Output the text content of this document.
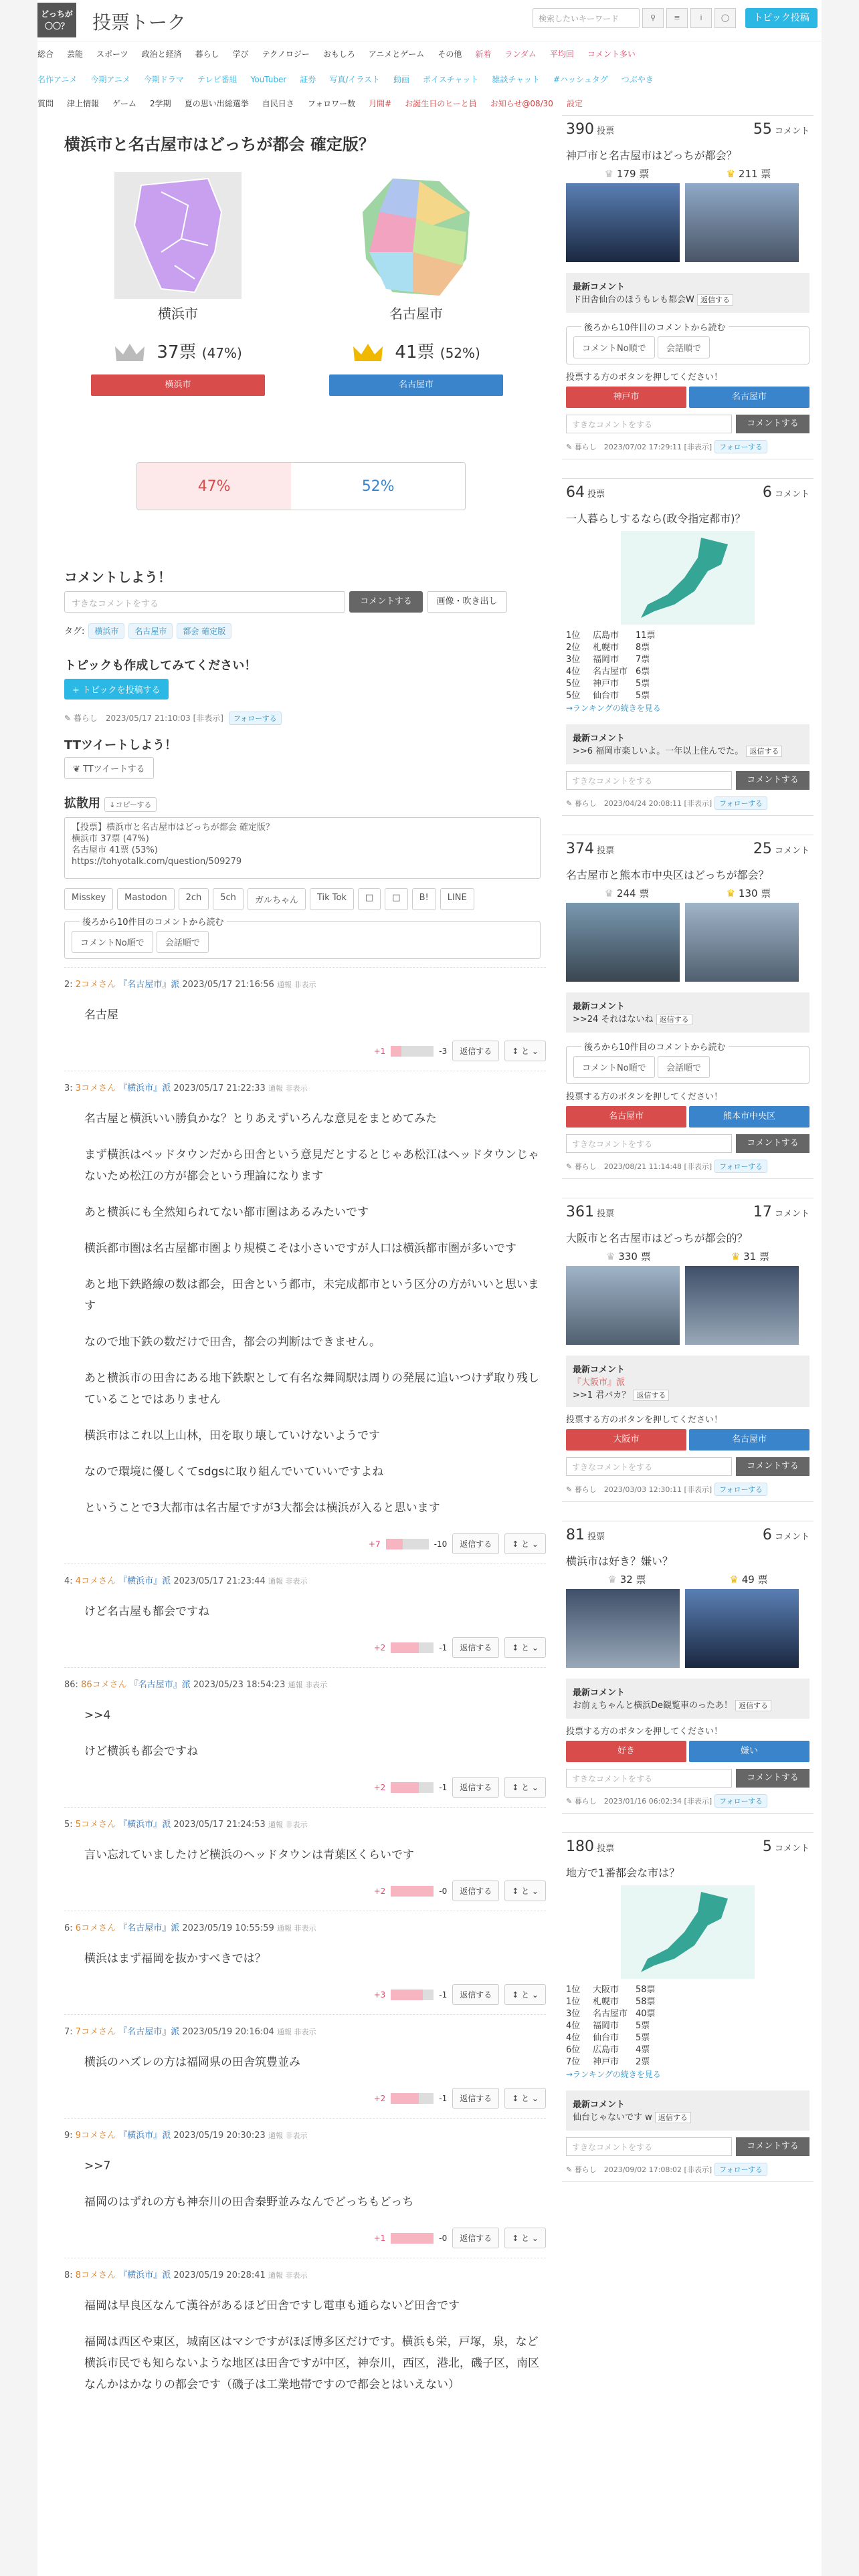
どっちが
〇〇？	投票トーク	検索したいキーワード	⚲	≡	i	◯	トピック投稿
総合 芸能 スポーツ 政治と経済 暮らし 学び テクノロジー おもしろ アニメとゲーム その他 新着 ランダム 平均回 コメント多い
名作アニメ 今期アニメ 今期ドラマ テレビ番組 YouTuber 証券 写真/イラスト 動画 ポイスチャット 雑談チャット #ハッシュタグ つぶやき
質問 津上情報 ゲーム 2学期 夏の思い出総選挙 自民日さ フォロワー数 月間# お誕生日のヒーと員 お知らせ@08/30 設定
横浜市と名古屋市はどっちが都会 確定版？
横浜市
37票 (47%)
横浜市
名古屋市
41票 (52%)
名古屋市
47%	52%
コメントしよう！
すきなコメントをする	コメントする	画像・吹き出し
タグ: 横浜市 名古屋市 都会 確定版
トピックも作成してみてください！
+ トピックを投稿する
✎ 暮らし　 2023/05/17 21:10:03 [非表示] フォローする
TTツイートしよう！
❦ TTツイートする
拡散用 ↓コピーする
【投票】横浜市と名古屋市はどっちが都会 確定版？
横浜市 37票 (47%)
名古屋市 41票 (53%)
https://tohyotalk.com/question/509279
Misskey	Mastodon	2ch	5ch	ガルちゃん	Tik Tok	□	□	B!	LINE
後ろから10件目のコメントから読む
コメントNo順で 会話順で
2: 2コメさん 『名古屋市』派 2023/05/17 21:16:56 通報 非表示

名古屋

+1	-3	返信する	↕ と ⌄
3: 3コメさん 『横浜市』派 2023/05/17 21:22:33 通報 非表示

名古屋と横浜いい勝負かな？とりあえずいろんな意見をまとめてみた

まず横浜はベッドタウンだから田舎という意見だとするとじゃあ松江はヘッドタウンじゃないため松江の方が都会という理論になります

あと横浜にも全然知られてない都市圏はあるみたいです

横浜都市圏は名古屋都市圏より規模こそは小さいですが人口は横浜都市圏が多いです

あと地下鉄路線の数は都会，田舎という都市，未完成都市という区分の方がいいと思います

なので地下鉄の数だけで田舎，都会の判断はできません。

あと横浜市の田舎にある地下鉄駅として有名な舞岡駅は周りの発展に追いつけず取り残していることではありません

横浜市はこれ以上山林，田を取り壊していけないようです

なので環境に優しくてsdgsに取り組んでいていいですよね

ということで3大都市は名古屋ですが3大都会は横浜が入ると思います

+7	-10	返信する	↕ と ⌄
4: 4コメさん 『横浜市』派 2023/05/17 21:23:44 通報 非表示

けど名古屋も都会ですね

+2	-1	返信する	↕ と ⌄
86: 86コメさん 『名古屋市』派 2023/05/23 18:54:23 通報 非表示

>>4

けど横浜も都会ですね

+2	-1	返信する	↕ と ⌄
5: 5コメさん 『横浜市』派 2023/05/17 21:24:53 通報 非表示

言い忘れていましたけど横浜のヘッドタウンは青葉区くらいです

+2	-0	返信する	↕ と ⌄
6: 6コメさん 『名古屋市』派 2023/05/19 10:55:59 通報 非表示

横浜はまず福岡を抜かすべきでは？

+3	-1	返信する	↕ と ⌄
7: 7コメさん 『名古屋市』派 2023/05/19 20:16:04 通報 非表示

横浜のハズレの方は福岡県の田舎筑豊並み

+2	-1	返信する	↕ と ⌄
9: 9コメさん 『横浜市』派 2023/05/19 20:30:23 通報 非表示

>>7

福岡のはずれの方も神奈川の田舎秦野並みなんでどっちもどっち

+1	-0	返信する	↕ と ⌄
8: 8コメさん 『横浜市』派 2023/05/19 20:28:41 通報 非表示

福岡は早良区なんて漢谷があるほど田舎ですし電車も通らないど田舎です

福岡は西区や東区，城南区はマシですがほぼ博多区だけです。横浜も栄，戸塚，泉，など横浜市民でも知らないような地区は田舎ですが中区，神奈川，西区，港北，磯子区，南区なんかはかなりの都会です（磯子は工業地帯ですので都会とはいえない）

390 投票	55 コメント
神戸市と名古屋市はどっちが都会？
♛ 179 票	♛ 211 票
最新コメント
ド田舎仙台のほうもレも都会W 返信する
後ろから10件目のコメントから読む
コメントNo順で 会話順で
投票する方のボタンを押してください！
神戸市	名古屋市
すきなコメントをする	コメントする
✎ 暮らし　 2023/07/02 17:29:11 [非表示] フォローする
64 投票	6 コメント
一人暮らしするなら(政令指定都市)？
1位 広島市 11票
2位 札幌市 8票
3位 福岡市 7票
4位 名古屋市 6票
5位 神戸市 5票
5位 仙台市 5票
→ランキングの続きを見る
最新コメント
>>6 福岡市楽しいよ。一年以上住んでた。 返信する
すきなコメントをする	コメントする
✎ 暮らし　 2023/04/24 20:08:11 [非表示] フォローする
374 投票	25 コメント
名古屋市と熊本市中央区はどっちが都会？
♛ 244 票	♛ 130 票
最新コメント
>>24 それはないね 返信する
後ろから10件目のコメントから読む
コメントNo順で 会話順で
投票する方のボタンを押してください！
名古屋市	熊本市中央区
すきなコメントをする	コメントする
✎ 暮らし　 2023/08/21 11:14:48 [非表示] フォローする
361 投票	17 コメント
大阪市と名古屋市はどっちが都会的？
♛ 330 票	♛ 31 票
最新コメント
『大阪市』派
>>1 君バカ？ 返信する
投票する方のボタンを押してください！
大阪市	名古屋市
すきなコメントをする	コメントする
✎ 暮らし　 2023/03/03 12:30:11 [非表示] フォローする
81 投票	6 コメント
横浜市は好き？嫌い？
♛ 32 票	♛ 49 票
最新コメント
お前ぇちゃんと横浜De観覧車のったあ！ 返信する
投票する方のボタンを押してください！
好き	嫌い
すきなコメントをする	コメントする
✎ 暮らし　 2023/01/16 06:02:34 [非表示] フォローする
180 投票	5 コメント
地方で1番都会な市は？
1位 大阪市 58票
1位 札幌市 58票
3位 名古屋市 40票
4位 福岡市 5票
4位 仙台市 5票
6位 広島市 4票
7位 神戸市 2票
→ランキングの続きを見る
最新コメント
仙台じゃないです w 返信する
すきなコメントをする	コメントする
✎ 暮らし　 2023/09/02 17:08:02 [非表示] フォローする
